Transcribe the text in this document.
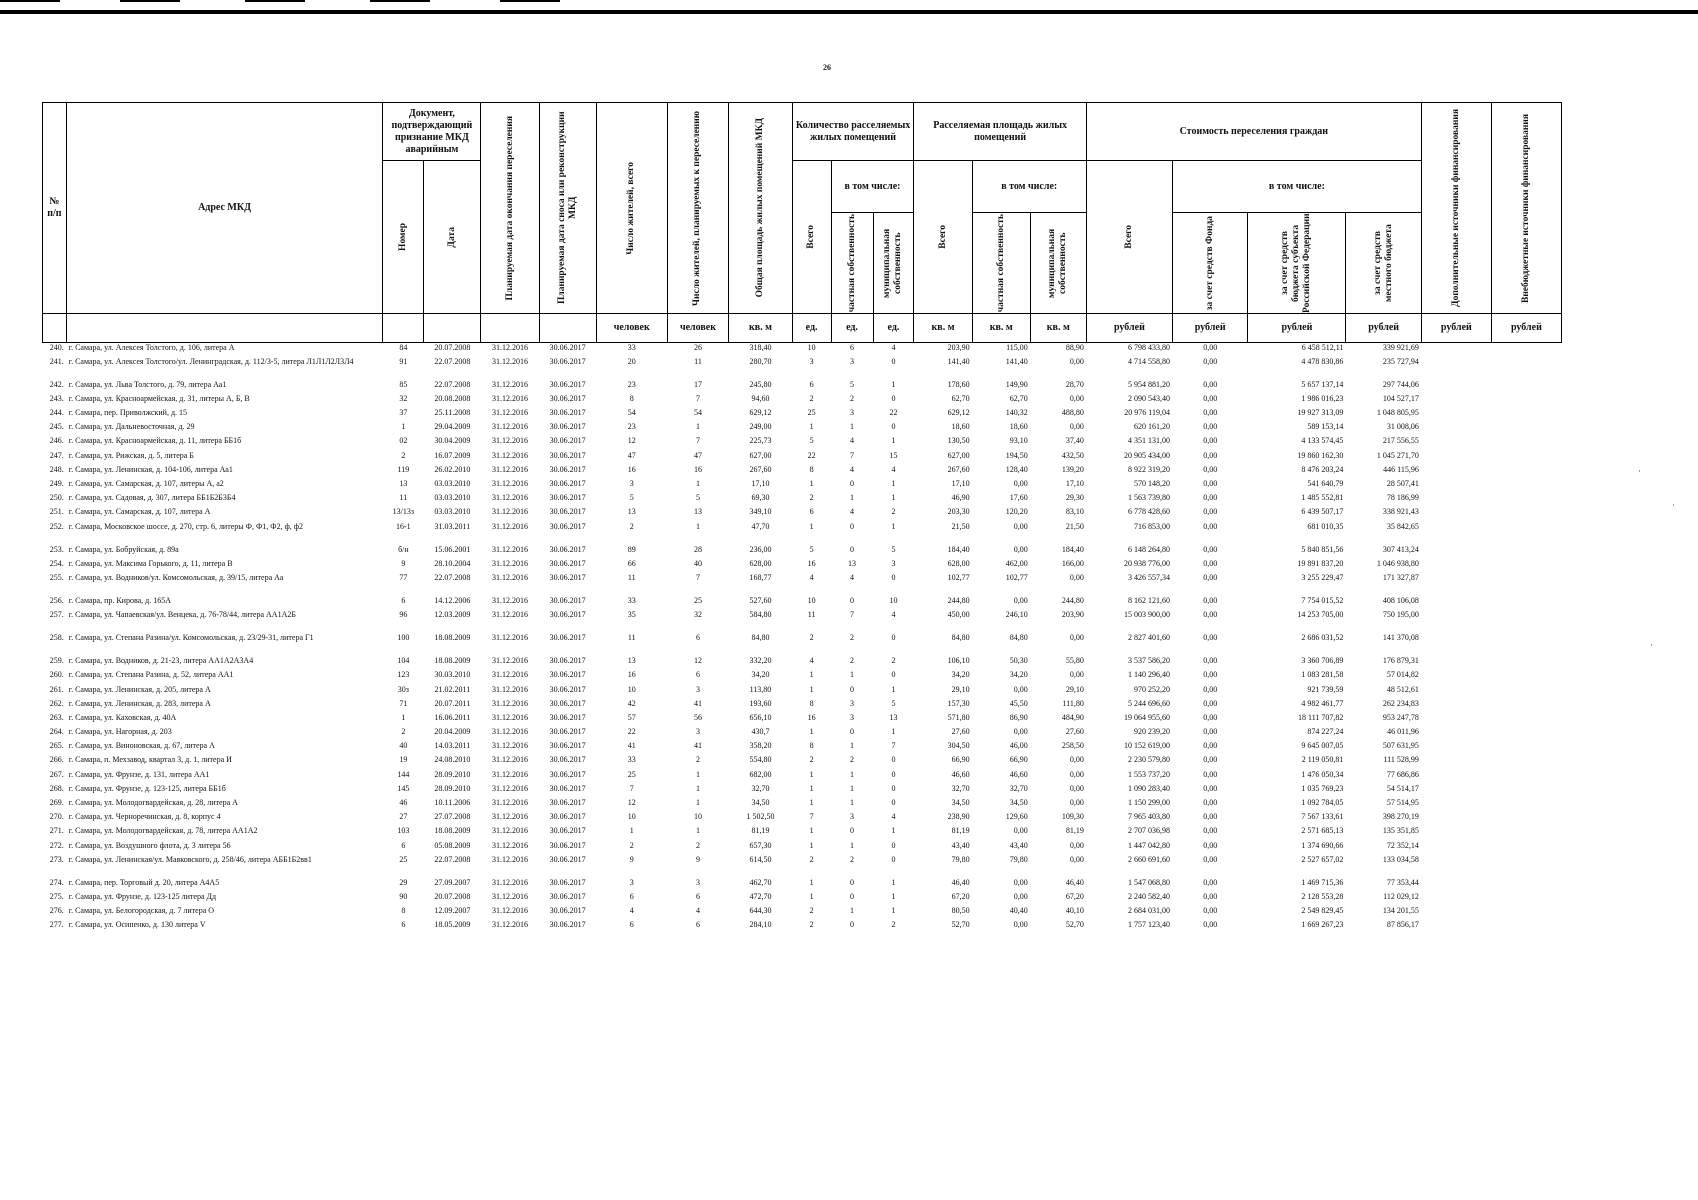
26
№
п/п	Адрес МКД	Документ, подтверждающий признание МКД аварийным		Планируемая дата окончания переселения	Планируемая дата сноса или реконструкции МКД	Число жителей, всего	Число жителей, планируемых к переселению	Общая площадь жилых помещений МКД	Количество расселяемых жилых помещений			Расселяемая площадь жилых помещений			Стоимость переселения граждан				Дополнительные источники финансирования	Внебюджетные источники финансирования

		Номер	Дата						Всего	в том числе:		Всего	в том числе:		Всего	в том числе:				

										частная собственность	муниципальная собственность		частная собственность	муниципальная собственность		за счет средств Фонда	за счет средств бюджета субъекта Российской Федерации	за счет средств местного бюджета		

						человек	человек	кв. м	ед.	ед.	ед.	кв. м	кв. м	кв. м	рублей	рублей	рублей	рублей	рублей	рублей
240.	г. Самара, ул. Алексея Толстого, д. 106, литера А	84	20.07.2008	31.12.2016	30.06.2017	33	26	318,40	10	6	4	203,90	115,00	88,90	6 798 433,80	0,00	6 458 512,11	339 921,69		
241.	г. Самара, ул. Алексея Толстого/ул. Ленинградская, д. 112/3-5, литера Л1Л1Л2Л3Л4	91	22.07.2008	31.12.2016	30.06.2017	20	11	280,70	3	3	0	141,40	141,40	0,00	4 714 558,80	0,00	4 478 830,86	235 727,94		
242.	г. Самара, ул. Льва Толстого, д. 79, литера Аа1	85	22.07.2008	31.12.2016	30.06.2017	23	17	245,80	6	5	1	178,60	149,90	28,70	5 954 881,20	0,00	5 657 137,14	297 744,06		
243.	г. Самара, ул. Красноармейская, д. 31, литеры А, Б, В	32	20.08.2008	31.12.2016	30.06.2017	8	7	94,60	2	2	0	62,70	62,70	0,00	2 090 543,40	0,00	1 986 016,23	104 527,17		
244.	г. Самара, пер. Приволжский, д. 15	37	25.11.2008	31.12.2016	30.06.2017	54	54	629,12	25	3	22	629,12	140,32	488,80	20 976 119,04	0,00	19 927 313,09	1 048 805,95		
245.	г. Самара, ул. Дальневосточная, д. 29	1	29.04.2009	31.12.2016	30.06.2017	23	1	249,00	1	1	0	18,60	18,60	0,00	620 161,20	0,00	589 153,14	31 008,06		
246.	г. Самара, ул. Красноармейская, д. 11, литера ББ1б	02	30.04.2009	31.12.2016	30.06.2017	12	7	225,73	5	4	1	130,50	93,10	37,40	4 351 131,00	0,00	4 133 574,45	217 556,55		
247.	г. Самара, ул. Рижская, д. 5, литера Б	2	16.07.2009	31.12.2016	30.06.2017	47	47	627,00	22	7	15	627,00	194,50	432,50	20 905 434,00	0,00	19 860 162,30	1 045 271,70		
248.	г. Самара, ул. Ленинская, д. 104-106, литера Аа1	119	26.02.2010	31.12.2016	30.06.2017	16	16	267,60	8	4	4	267,60	128,40	139,20	8 922 319,20	0,00	8 476 203,24	446 115,96		
249.	г. Самара, ул. Самарская, д. 107, литеры А, а2	13	03.03.2010	31.12.2016	30.06.2017	3	1	17,10	1	0	1	17,10	0,00	17,10	570 148,20	0,00	541 640,79	28 507,41		
250.	г. Самара, ул. Садовая, д. 307, литера ББ1Б2Б3Б4	11	03.03.2010	31.12.2016	30.06.2017	5	5	69,30	2	1	1	46,90	17,60	29,30	1 563 739,80	0,00	1 485 552,81	78 186,99		
251.	г. Самара, ул. Самарская, д. 107, литера А	13/13з	03.03.2010	31.12.2016	30.06.2017	13	13	349,10	6	4	2	203,30	120,20	83,10	6 778 428,60	0,00	6 439 507,17	338 921,43		
252.	г. Самара, Московское шоссе, д. 270, стр. 6, литеры Ф, Ф1, Ф2, ф, ф2	16-1	31.03.2011	31.12.2016	30.06.2017	2	1	47,70	1	0	1	21,50	0,00	21,50	716 853,00	0,00	681 010,35	35 842,65		
253.	г. Самара, ул. Бобруйская, д. 89а	б/н	15.06.2001	31.12.2016	30.06.2017	89	28	236,00	5	0	5	184,40	0,00	184,40	6 148 264,80	0,00	5 840 851,56	307 413,24		
254.	г. Самара, ул. Максима Горького, д. 11, литера В	9	28.10.2004	31.12.2016	30.06.2017	66	40	628,00	16	13	3	628,00	462,00	166,00	20 938 776,00	0,00	19 891 837,20	1 046 938,80		
255.	г. Самара, ул. Водников/ул. Комсомольская, д. 39/15, литера Аа	77	22.07.2008	31.12.2016	30.06.2017	11	7	168,77	4	4	0	102,77	102,77	0,00	3 426 557,34	0,00	3 255 229,47	171 327,87		
256.	г. Самара, пр. Кирова, д. 165А	6	14.12.2006	31.12.2016	30.06.2017	33	25	527,60	10	0	10	244,80	0,00	244,80	8 162 121,60	0,00	7 754 015,52	408 106,08		
257.	г. Самара, ул. Чапаевская/ул. Венцека, д. 76-78/44, литера АА1А2Б	96	12.03.2009	31.12.2016	30.06.2017	35	32	584,80	11	7	4	450,00	246,10	203,90	15 003 900,00	0,00	14 253 705,00	750 195,00		
258.	г. Самара, ул. Степана Разина/ул. Комсомольская, д. 23/29-31, литера Г1	100	18.08.2009	31.12.2016	30.06.2017	11	6	84,80	2	2	0	84,80	84,80	0,00	2 827 401,60	0,00	2 686 031,52	141 370,08		
259.	г. Самара, ул. Водников, д. 21-23, литера АА1А2А3А4	104	18.08.2009	31.12.2016	30.06.2017	13	12	332,20	4	2	2	106,10	50,30	55,80	3 537 586,20	0,00	3 360 706,89	176 879,31		
260.	г. Самара, ул. Степана Разина, д. 52, литера АА1	123	30.03.2010	31.12.2016	30.06.2017	16	6	34,20	1	1	0	34,20	34,20	0,00	1 140 296,40	0,00	1 083 281,58	57 014,82		
261.	г. Самара, ул. Ленинская, д. 205, литера А	30з	21.02.2011	31.12.2016	30.06.2017	10	3	113,80	1	0	1	29,10	0,00	29,10	970 252,20	0,00	921 739,59	48 512,61		
262.	г. Самара, ул. Ленинская, д. 283, литера А	71	20.07.2011	31.12.2016	30.06.2017	42	41	193,60	8	3	5	157,30	45,50	111,80	5 244 696,60	0,00	4 982 461,77	262 234,83		
263.	г. Самара, ул. Каховская, д. 40А	1	16.06.2011	31.12.2016	30.06.2017	57	56	656,10	16	3	13	571,80	86,90	484,90	19 064 955,60	0,00	18 111 707,82	953 247,78		
264.	г. Самара, ул. Нагорная, д. 203	2	20.04.2009	31.12.2016	30.06.2017	22	3	430,7	1	0	1	27,60	0,00	27,60	920 239,20	0,00	874 227,24	46 011,96		
265.	г. Самара, ул. Виноновская, д. 67, литера А	40	14.03.2011	31.12.2016	30.06.2017	41	41	358,20	8	1	7	304,50	46,00	258,50	10 152 619,00	0,00	9 645 007,05	507 631,95		
266.	г. Самара, п. Мехзавод, квартал 3, д. 1, литера И	19	24.08.2010	31.12.2016	30.06.2017	33	2	554,80	2	2	0	66,90	66,90	0,00	2 230 579,80	0,00	2 119 050,81	111 528,99		
267.	г. Самара, ул. Фрунзе, д. 131, литера АА1	144	28.09.2010	31.12.2016	30.06.2017	25	1	682,00	1	1	0	46,60	46,60	0,00	1 553 737,20	0,00	1 476 050,34	77 686,86		
268.	г. Самара, ул. Фрунзе, д. 123-125, литера ББ1б	145	28.09.2010	31.12.2016	30.06.2017	7	1	32,70	1	1	0	32,70	32,70	0,00	1 090 283,40	0,00	1 035 769,23	54 514,17		
269.	г. Самара, ул. Молодогвардейская, д. 28, литера А	46	10.11.2006	31.12.2016	30.06.2017	12	1	34,50	1	1	0	34,50	34,50	0,00	1 150 299,00	0,00	1 092 784,05	57 514,95		
270.	г. Самара, ул. Черноречинская, д. 8, корпус 4	27	27.07.2008	31.12.2016	30.06.2017	10	10	1 502,50	7	3	4	238,90	129,60	109,30	7 965 403,80	0,00	7 567 133,61	398 270,19		
271.	г. Самара, ул. Молодогвардейская, д. 78, литера АА1А2	103	18.08.2009	31.12.2016	30.06.2017	1	1	81,19	1	0	1	81,19	0,00	81,19	2 707 036,98	0,00	2 571 685,13	135 351,85		
272.	г. Самара, ул. Воздушного флота, д. 3 литера 56	6	05.08.2009	31.12.2016	30.06.2017	2	2	657,30	1	1	0	43,40	43,40	0,00	1 447 042,80	0,00	1 374 690,66	72 352,14		
273.	г. Самара, ул. Ленинская/ул. Маяковского, д. 258/46, литера АББ1Б2вв1	25	22.07.2008	31.12.2016	30.06.2017	9	9	614,50	2	2	0	79,80	79,80	0,00	2 660 691,60	0,00	2 527 657,02	133 034,58		
274.	г. Самара, пер. Торговый д. 20, литера А4А5	29	27.09.2007	31.12.2016	30.06.2017	3	3	462,70	1	0	1	46,40	0,00	46,40	1 547 068,80	0,00	1 469 715,36	77 353,44		
275.	г. Самара, ул. Фрунзе, д. 123-125 литера Дд	90	20.07.2008	31.12.2016	30.06.2017	6	6	472,70	1	0	1	67,20	0,00	67,20	2 240 582,40	0,00	2 128 553,28	112 029,12		
276.	г. Самара, ул. Белогородская, д. 7 литера О	8	12.09.2007	31.12.2016	30.06.2017	4	4	644,30	2	1	1	80,50	40,40	40,10	2 684 031,00	0,00	2 549 829,45	134 201,55		
277.	г. Самара, ул. Осипенко, д. 130 литера V	6	18.05.2009	31.12.2016	30.06.2017	6	6	284,10	2	0	2	52,70	0,00	52,70	1 757 123,40	0,00	1 669 267,23	87 856,17		
·
·
·
